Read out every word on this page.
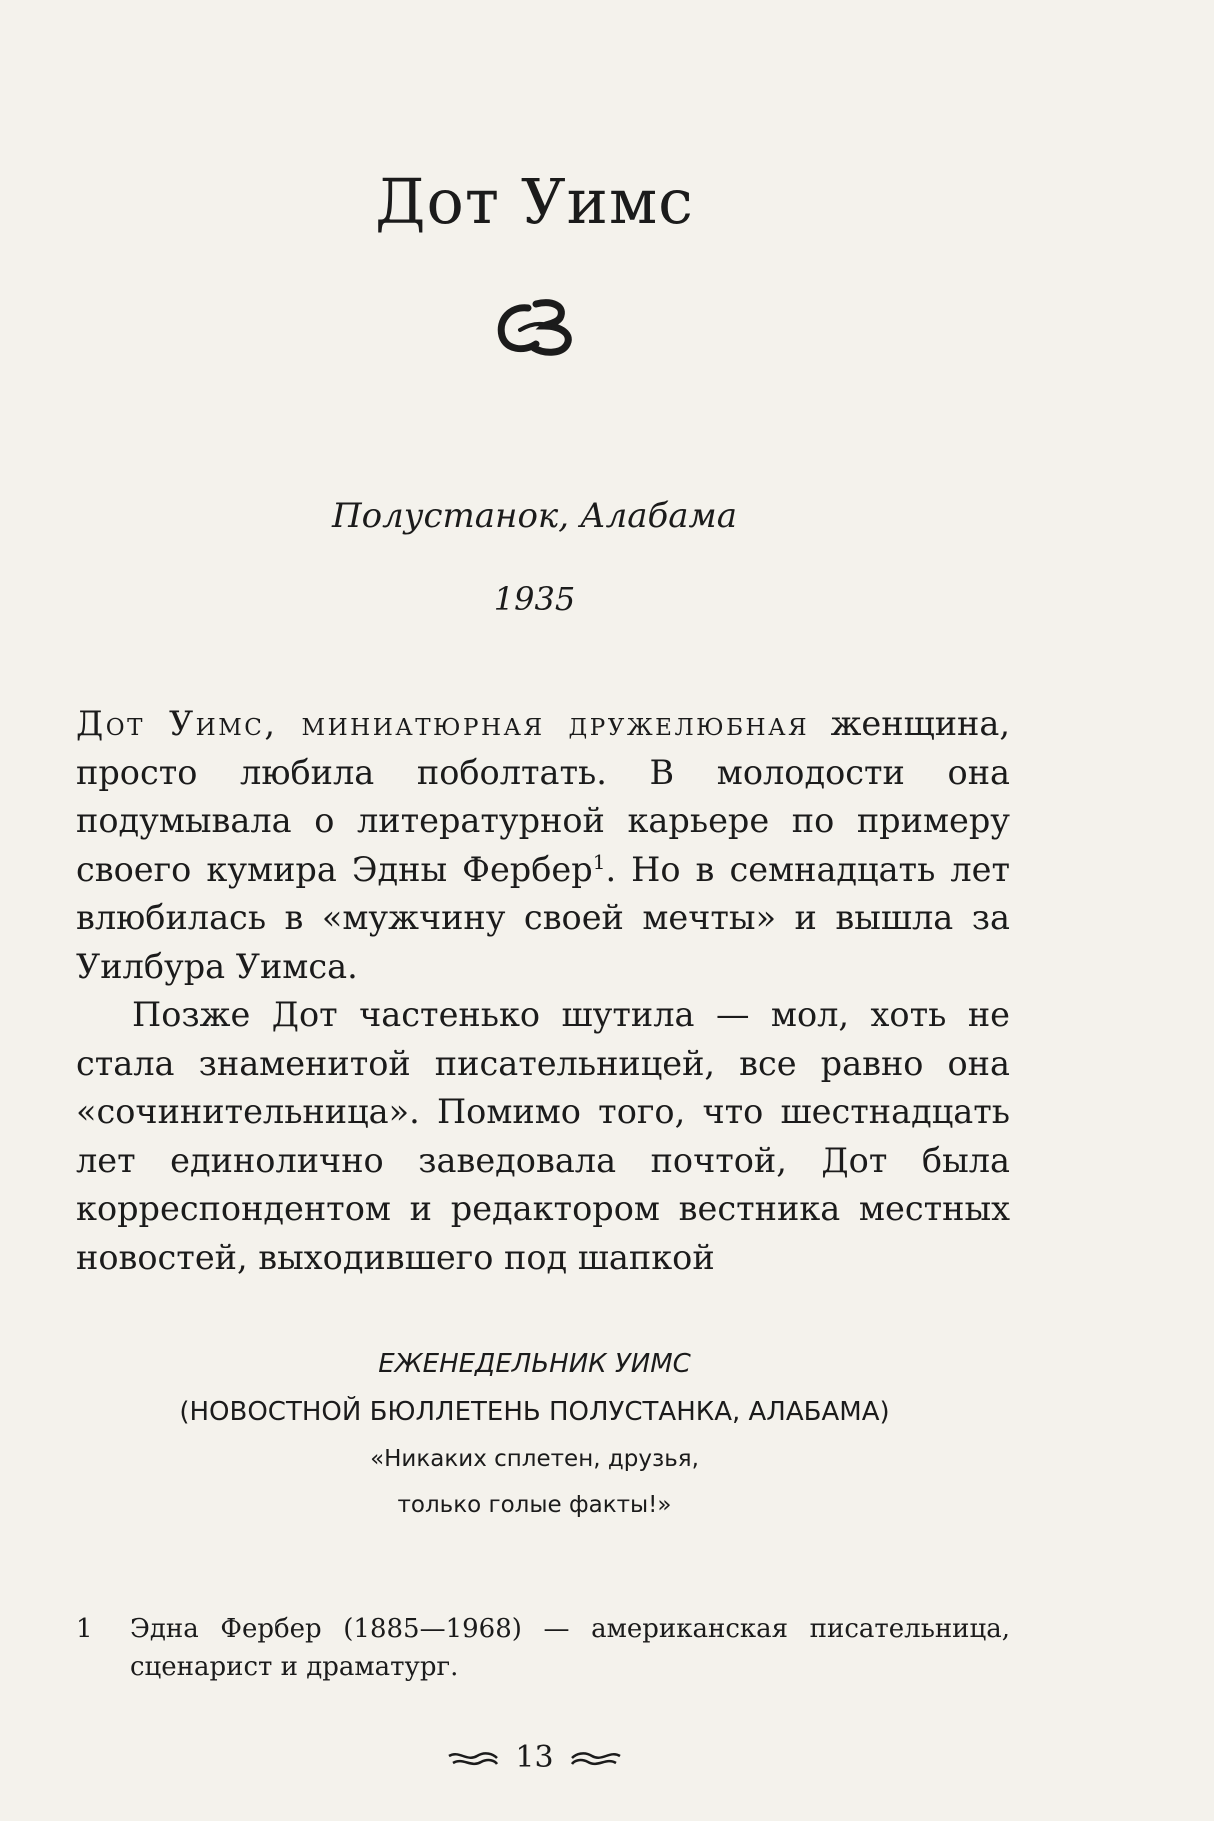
Дот Уимс
Полустанок, Алабама
1935

Дот Уимс, миниатюрная дружелюбная женщина, просто любила поболтать. В молодости она подумывала о литературной карьере по примеру своего кумира Эдны Фербер$^1$. Но в семнадцать лет влюбилась в «мужчину своей мечты» и вышла за Уилбура Уимса.

Позже Дот частенько шутила — мол, хоть не стала знаменитой писательницей, все равно она «сочинительница». Помимо того, что шестнадцать лет единолично заведовала почтой, Дот была корреспондентом и редактором вестника местных новостей, выходившего под шапкой

ЕЖЕНЕДЕЛЬНИК УИМС
(НОВОСТНОЙ БЮЛЛЕТЕНЬ ПОЛУСТАНКА, АЛАБАМА)
«Никаких сплетен, друзья,
только голые факты!»
1	Эдна Фербер (1885—1968) — американская писательница, сценарист и драматург.
13
